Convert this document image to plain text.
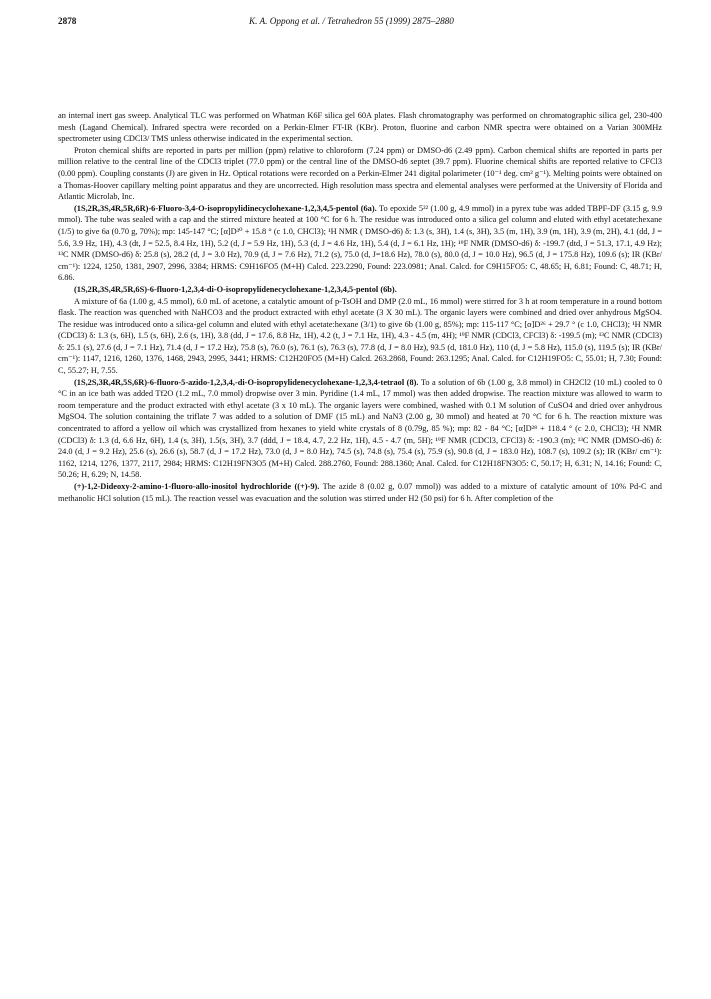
2878	K. A. Oppong et al. / Tetrahedron 55 (1999) 2875–2880

an internal inert gas sweep. Analytical TLC was performed on Whatman K6F silica gel 60A plates. Flash chromatography was performed on chromatographic silica gel, 230-400 mesh (Lagand Chemical). Infrared spectra were recorded on a Perkin-Elmer FT-IR (KBr). Proton, fluorine and carbon NMR spectra were obtained on a Varian 300MHz spectrometer using CDCl3/ TMS unless otherwise indicated in the experimental section.

Proton chemical shifts are reported in parts per million (ppm) relative to chloroform (7.24 ppm) or DMSO-d6 (2.49 ppm). Carbon chemical shifts are reported in parts per million relative to the central line of the CDCl3 triplet (77.0 ppm) or the central line of the DMSO-d6 septet (39.7 ppm). Fluorine chemical shifts are reported relative to CFCl3 (0.00 ppm). Coupling constants (J) are given in Hz. Optical rotations were recorded on a Perkin-Elmer 241 digital polarimeter (10⁻¹ deg. cm² g⁻¹). Melting points were obtained on a Thomas-Hoover capillary melting point apparatus and they are uncorrected. High resolution mass spectra and elemental analyses were performed at the University of Florida and Atlantic Microlab, Inc.

(1S,2R,3S,4R,5R,6R)-6-Fluoro-3,4-O-isopropylidinecyclohexane-1,2,3,4,5-pentol (6a). To epoxide 5²² (1.00 g, 4.9 mmol) in a pyrex tube was added TBPF-DF (3.15 g, 9.9 mmol). The tube was sealed with a cap and the stirred mixture heated at 100 °C for 6 h. The residue was introduced onto a silica gel column and eluted with ethyl acetate:hexane (1/5) to give 6a (0.70 g, 70%); mp: 145-147 °C; [α]D³⁰ + 15.8 ° (c 1.0, CHCl3); ¹H NMR ( DMSO-d6) δ: 1.3 (s, 3H), 1.4 (s, 3H), 3.5 (m, 1H), 3.9 (m, 1H), 3.9 (m, 2H), 4.1 (dd, J = 5.6, 3.9 Hz, 1H), 4.3 (dt, J = 52.5, 8.4 Hz, 1H), 5.2 (d, J = 5.9 Hz, 1H), 5.3 (d, J = 4.6 Hz, 1H), 5.4 (d, J = 6.1 Hz, 1H); ¹⁹F NMR (DMSO-d6) δ: -199.7 (dtd, J = 51.3, 17.1, 4.9 Hz); ¹³C NMR (DMSO-d6) δ: 25.8 (s), 28.2 (d, J = 3.0 Hz), 70.9 (d, J = 7.6 Hz), 71.2 (s), 75.0 (d, J=18.6 Hz), 78.0 (s), 80.0 (d, J = 10.0 Hz), 96.5 (d, J = 175.8 Hz), 109.6 (s); IR (KBr/ cm⁻¹): 1224, 1250, 1381, 2907, 2996, 3384; HRMS: C9H16FO5 (M+H) Calcd. 223.2290, Found: 223.0981; Anal. Calcd. for C9H15FO5: C, 48.65; H, 6.81; Found: C, 48.71; H, 6.86.

(1S,2R,3S,4R,5R,6S)-6-fluoro-1,2,3,4-di-O-isopropylidenecyclohexane-1,2,3,4,5-pentol (6b).

A mixture of 6a (1.00 g, 4.5 mmol), 6.0 mL of acetone, a catalytic amount of p-TsOH and DMP (2.0 mL, 16 mmol) were stirred for 3 h at room temperature in a round bottom flask. The reaction was quenched with NaHCO3 and the product extracted with ethyl acetate (3 X 30 mL). The organic layers were combined and dried over anhydrous MgSO4. The residue was introduced onto a silica-gel column and eluted with ethyl acetate:hexane (3/1) to give 6b (1.00 g, 85%); mp: 115-117 °C; [α]D²⁶ + 29.7 ° (c 1.0, CHCl3); ¹H NMR (CDCl3) δ: 1.3 (s, 6H), 1.5 (s, 6H), 2.6 (s, 1H), 3.8 (dd, J = 17.6, 8.8 Hz, 1H), 4.2 (t, J = 7.1 Hz, 1H), 4.3 - 4.5 (m, 4H); ¹⁹F NMR (CDCl3, CFCl3) δ: -199.5 (m); ¹³C NMR (CDCl3) δ: 25.1 (s), 27.6 (d, J = 7.1 Hz), 71.4 (d, J = 17.2 Hz), 75.8 (s), 76.0 (s), 76.1 (s), 76.3 (s), 77.8 (d, J = 8.0 Hz), 93.5 (d, 181.0 Hz), 110 (d, J = 5.8 Hz), 115.0 (s), 119.5 (s); IR (KBr/ cm⁻¹): 1147, 1216, 1260, 1376, 1468, 2943, 2995, 3441; HRMS: C12H20FO5 (M+H) Calcd. 263.2868, Found: 263.1295; Anal. Calcd. for C12H19FO5: C, 55.01; H, 7.30; Found: C, 55.27; H, 7.55.

(1S,2S,3R,4R,5S,6R)-6-fluoro-5-azido-1,2,3,4,-di-O-isopropylidenecyclohexane-1,2,3,4-tetraol (8). To a solution of 6b (1.00 g, 3.8 mmol) in CH2Cl2 (10 mL) cooled to 0 °C in an ice bath was added Tf2O (1.2 mL, 7.0 mmol) dropwise over 3 min. Pyridine (1.4 mL, 17 mmol) was then added dropwise. The reaction mixture was allowed to warm to room temperature and the product extracted with ethyl acetate (3 x 10 mL). The organic layers were combined, washed with 0.1 M solution of CuSO4 and dried over anhydrous MgSO4. The solution containing the triflate 7 was added to a solution of DMF (15 mL) and NaN3 (2.00 g, 30 mmol) and heated at 70 °C for 6 h. The reaction mixture was concentrated to afford a yellow oil which was crystallized from hexanes to yield white crystals of 8 (0.79g, 85 %); mp: 82 - 84 °C; [α]D²⁸ + 118.4 ° (c 2.0, CHCl3); ¹H NMR (CDCl3) δ: 1.3 (d, 6.6 Hz, 6H), 1.4 (s, 3H), 1.5(s, 3H), 3.7 (ddd, J = 18.4, 4.7, 2.2 Hz, 1H), 4.5 - 4.7 (m, 5H); ¹⁹F NMR (CDCl3, CFCl3) δ: -190.3 (m); ¹³C NMR (DMSO-d6) δ: 24.0 (d, J = 9.2 Hz), 25.6 (s), 26.6 (s), 58.7 (d, J = 17.2 Hz), 73.0 (d, J = 8.0 Hz), 74.5 (s), 74.8 (s), 75.4 (s), 75.9 (s), 90.8 (d, J = 183.0 Hz), 108.7 (s), 109.2 (s); IR (KBr/ cm⁻¹): 1162, 1214, 1276, 1377, 2117, 2984; HRMS: C12H19FN3O5 (M+H) Calcd. 288.2760, Found: 288.1360; Anal. Calcd. for C12H18FN3O5: C, 50.17; H, 6.31; N, 14.16; Found: C, 50.26; H, 6.29; N, 14.58.

(+)-1,2-Dideoxy-2-amino-1-fluoro-allo-inositol hydrochloride ((+)-9). The azide 8 (0.02 g, 0.07 mmol)) was added to a mixture of catalytic amount of 10% Pd-C and methanolic HCl solution (15 mL). The reaction vessel was evacuation and the solution was stirred under H2 (50 psi) for 6 h. After completion of the
